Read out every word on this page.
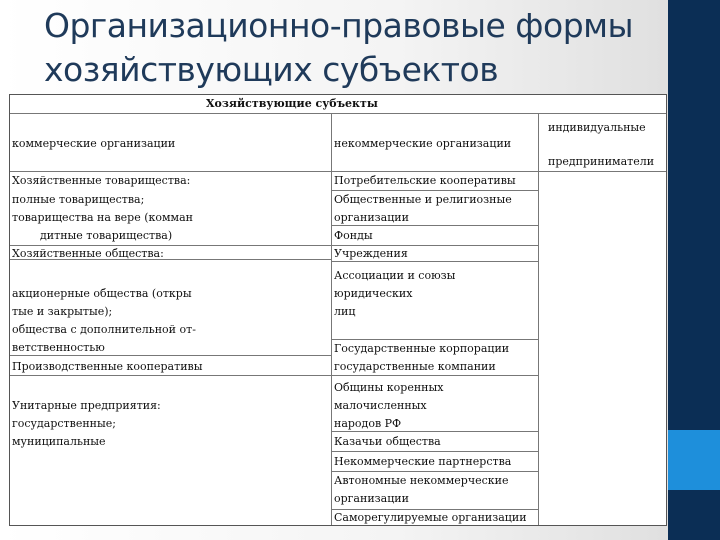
Организационно-правовые формы
хозяйствующих субъектов
Хозяйствующие субъекты
коммерческие организации	некоммерческие организации
индивидуальные
предприниматели
Хозяйственные товарищества:
полные товарищества;
товарищества на вере (комман
дитные товарищества)
Хозяйственные общества:
акционерные общества (откры
тые и закрытые);
общества с дополнительной от-
ветственностью
Производственные кооперативы
Унитарные предприятия:
государственные;
муниципальные
Потребительские кооперативы
Общественные и религиозные
организации
Фонды
Учреждения
Ассоциации и союзы
юридических
лиц
Государственные корпорации
государственные компании
Общины коренных
малочисленных
народов РФ
Казачьи общества
Некоммерческие партнерства
Автономные некоммерческие
организации
Саморегулируемые организации
